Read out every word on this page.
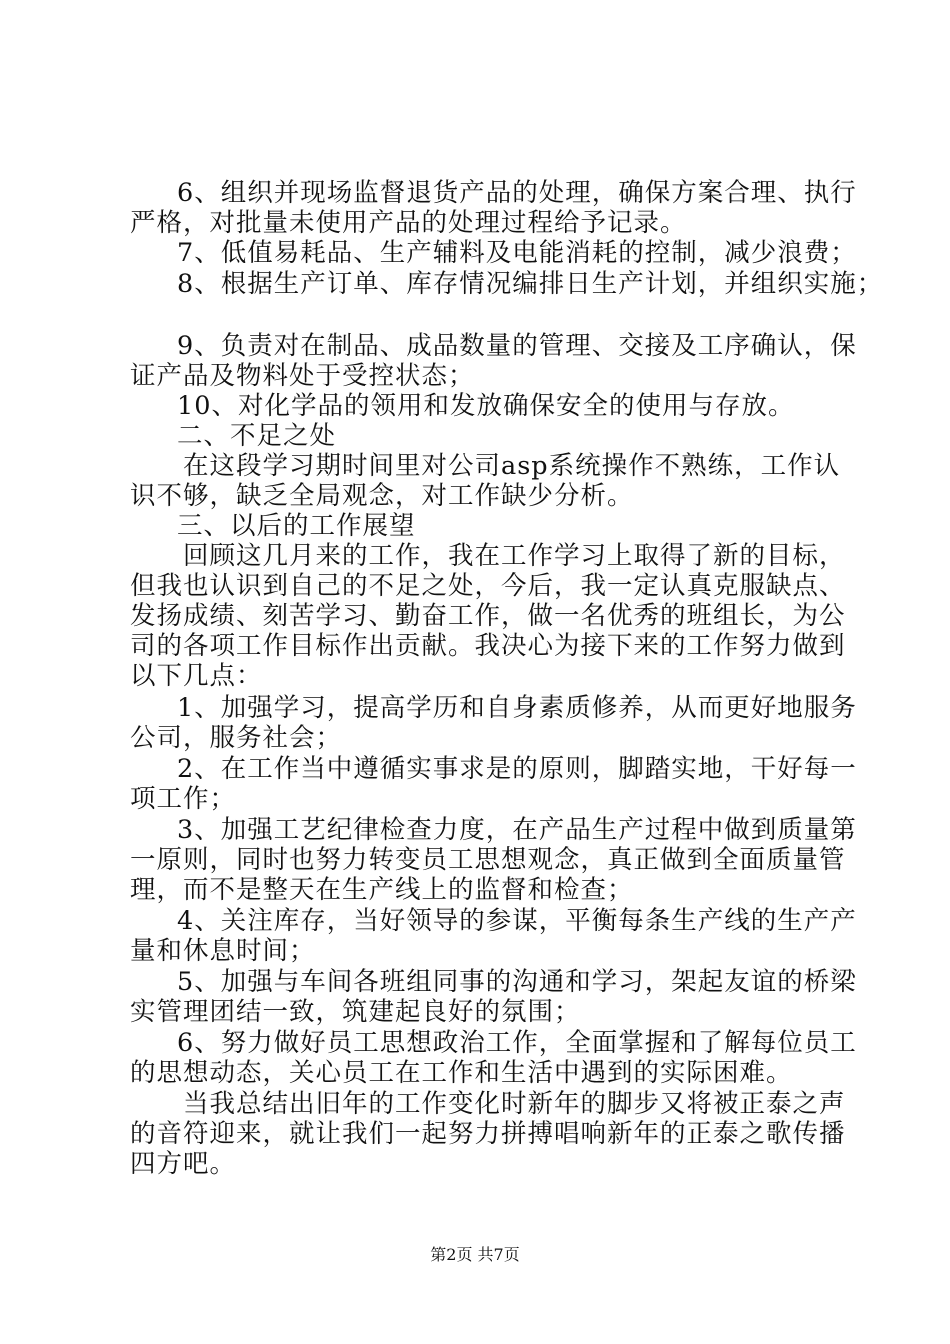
6、组织并现场监督退货产品的处理，确保方案合理、执行
严格，对批量未使用产品的处理过程给予记录。
7、低值易耗品、生产辅料及电能消耗的控制，减少浪费；
8、根据生产订单、库存情况编排日生产计划，并组织实施；
9、负责对在制品、成品数量的管理、交接及工序确认，保
证产品及物料处于受控状态；
10、对化学品的领用和发放确保安全的使用与存放。
二、不足之处
在这段学习期时间里对公司asp系统操作不熟练，工作认
识不够，缺乏全局观念，对工作缺少分析。
三、以后的工作展望
回顾这几月来的工作，我在工作学习上取得了新的目标，
但我也认识到自己的不足之处，今后，我一定认真克服缺点、
发扬成绩、刻苦学习、勤奋工作，做一名优秀的班组长，为公
司的各项工作目标作出贡献。我决心为接下来的工作努力做到
以下几点：
1、加强学习，提高学历和自身素质修养，从而更好地服务
公司，服务社会；
2、在工作当中遵循实事求是的原则，脚踏实地，干好每一
项工作；
3、加强工艺纪律检查力度，在产品生产过程中做到质量第
一原则，同时也努力转变员工思想观念，真正做到全面质量管
理，而不是整天在生产线上的监督和检查；
4、关注库存，当好领导的参谋，平衡每条生产线的生产产
量和休息时间；
5、加强与车间各班组同事的沟通和学习，架起友谊的桥梁
实管理团结一致，筑建起良好的氛围；
6、努力做好员工思想政治工作，全面掌握和了解每位员工
的思想动态，关心员工在工作和生活中遇到的实际困难。
当我总结出旧年的工作变化时新年的脚步又将被正泰之声
的音符迎来，就让我们一起努力拼搏唱响新年的正泰之歌传播
四方吧。
第2页 共7页
